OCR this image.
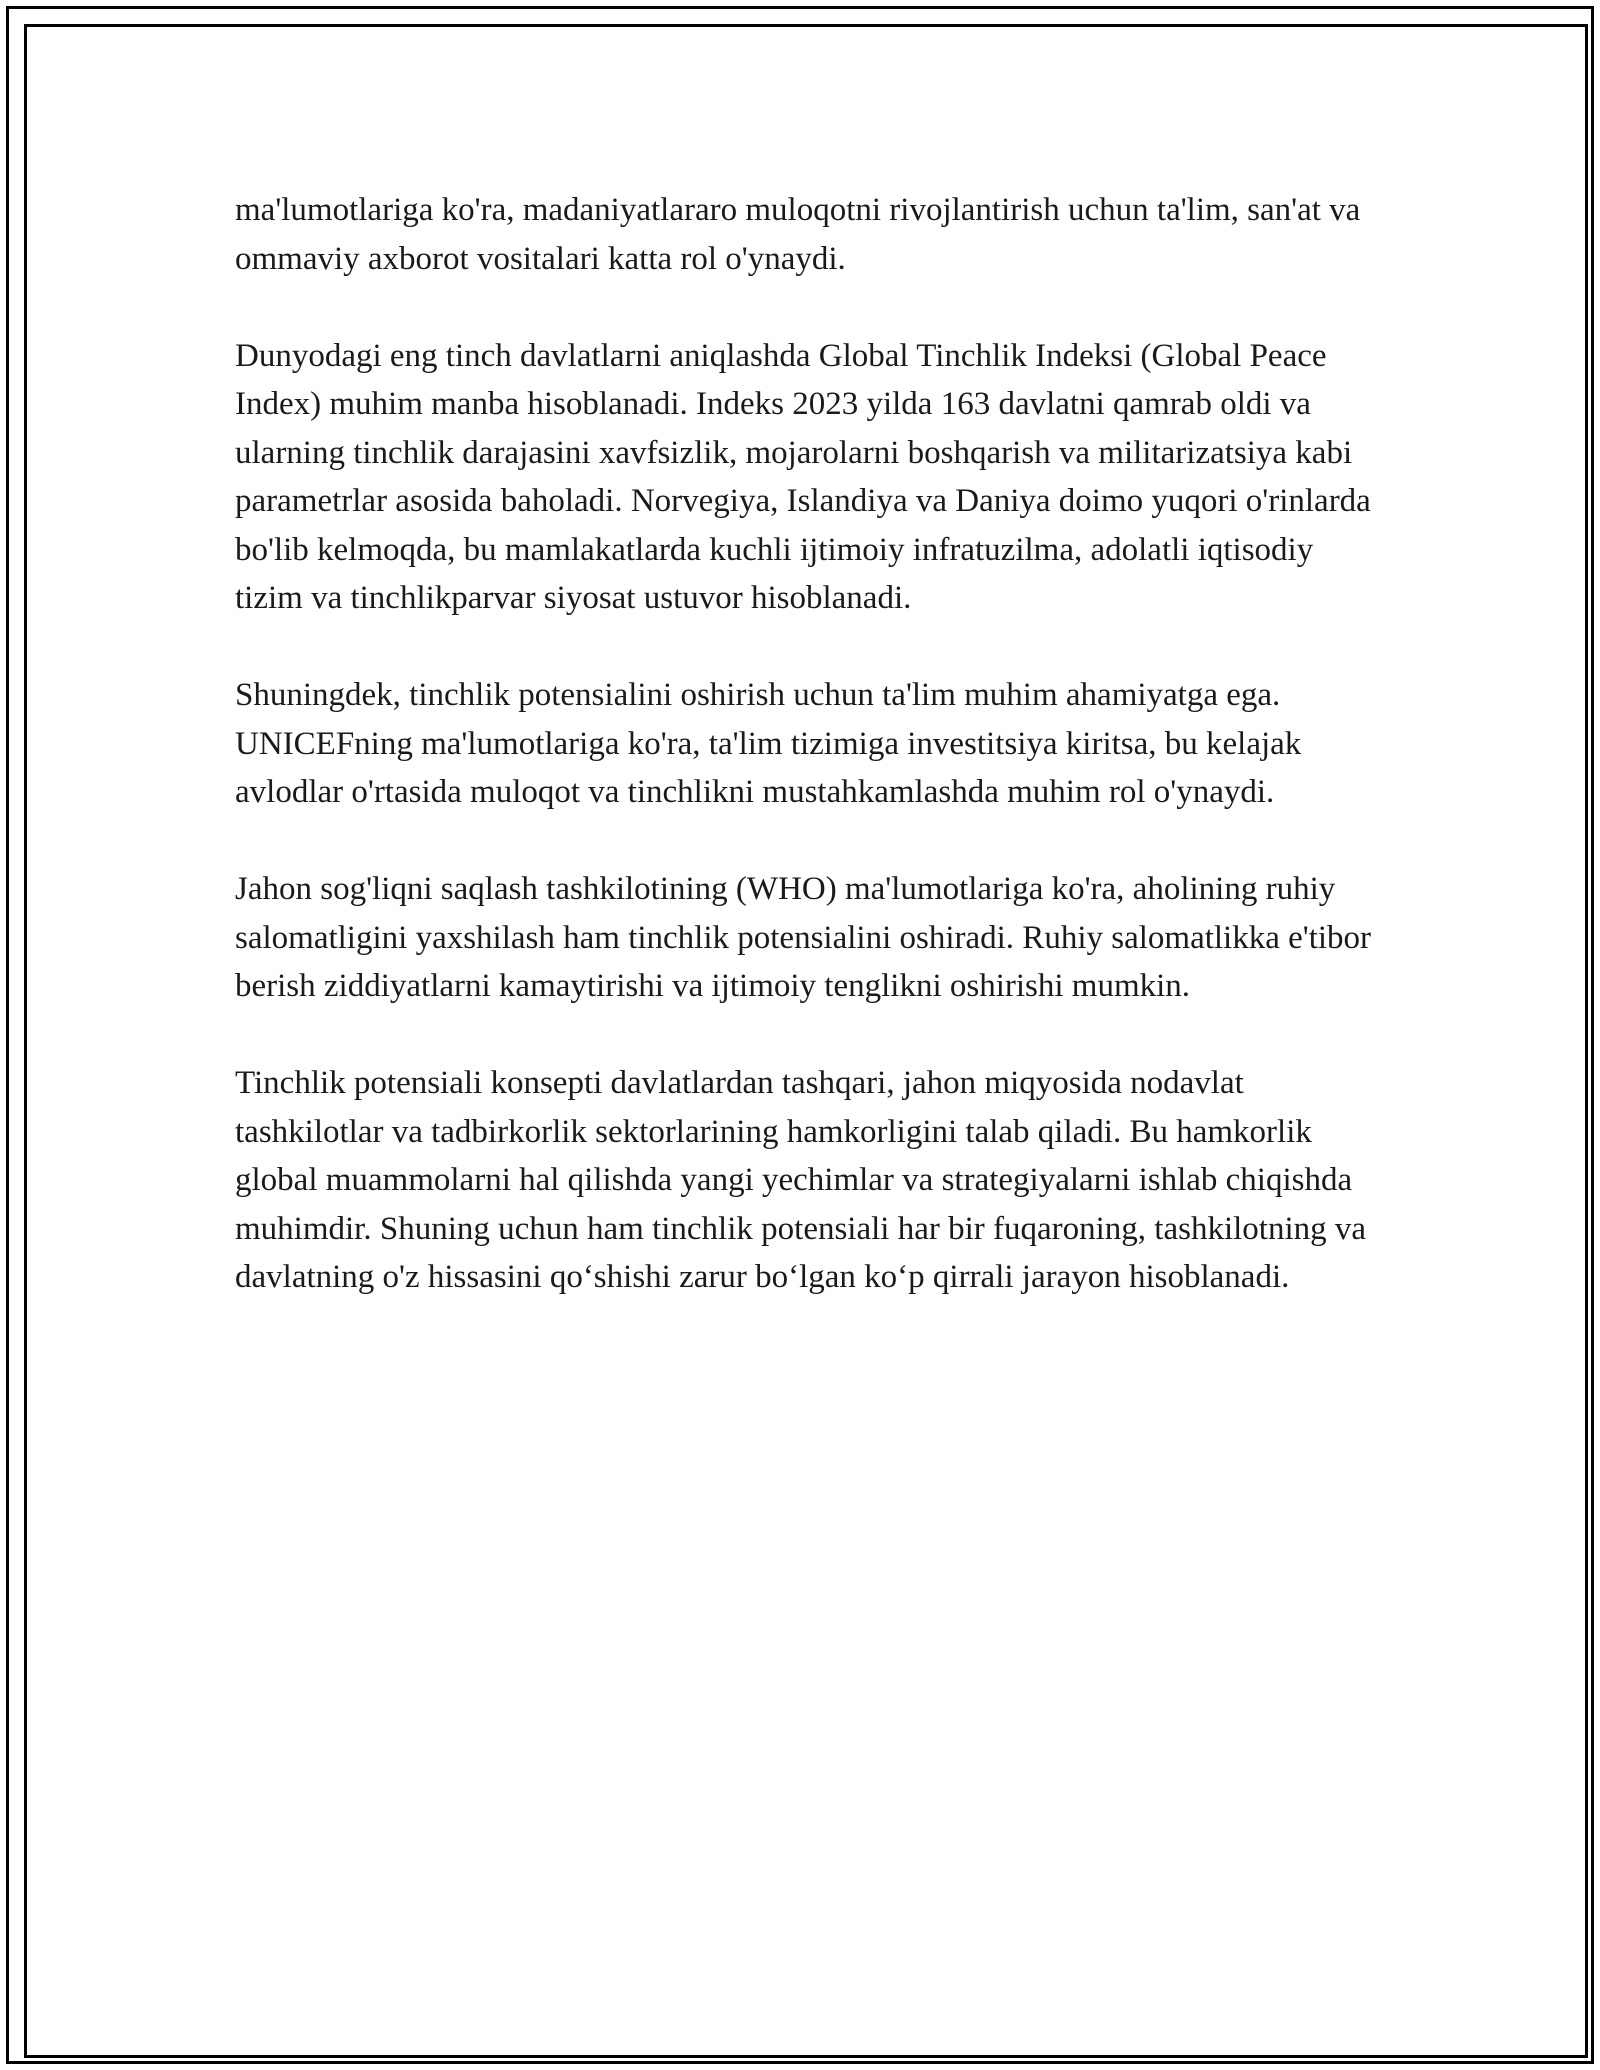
ma'lumotlariga ko'ra, madaniyatlararo muloqotni rivojlantirish uchun ta'lim, san'at va ommaviy axborot vositalari katta rol o'ynaydi.

Dunyodagi eng tinch davlatlarni aniqlashda Global Tinchlik Indeksi (Global Peace Index) muhim manba hisoblanadi. Indeks 2023 yilda 163 davlatni qamrab oldi va ularning tinchlik darajasini xavfsizlik, mojarolarni boshqarish va militarizatsiya kabi parametrlar asosida baholadi. Norvegiya, Islandiya va Daniya doimo yuqori o'rinlarda bo'lib kelmoqda, bu mamlakatlarda kuchli ijtimoiy infratuzilma, adolatli iqtisodiy tizim va tinchlikparvar siyosat ustuvor hisoblanadi.

Shuningdek, tinchlik potensialini oshirish uchun ta'lim muhim ahamiyatga ega. UNICEFning ma'lumotlariga ko'ra, ta'lim tizimiga investitsiya kiritsa, bu kelajak avlodlar o'rtasida muloqot va tinchlikni mustahkamlashda muhim rol o'ynaydi.

Jahon sog'liqni saqlash tashkilotining (WHO) ma'lumotlariga ko'ra, aholining ruhiy salomatligini yaxshilash ham tinchlik potensialini oshiradi. Ruhiy salomatlikka e'tibor berish ziddiyatlarni kamaytirishi va ijtimoiy tenglikni oshirishi mumkin.

Tinchlik potensiali konsepti davlatlardan tashqari, jahon miqyosida nodavlat tashkilotlar va tadbirkorlik sektorlarining hamkorligini talab qiladi. Bu hamkorlik global muammolarni hal qilishda yangi yechimlar va strategiyalarni ishlab chiqishda muhimdir. Shuning uchun ham tinchlik potensiali har bir fuqaroning, tashkilotning va davlatning o'z hissasini qo‘shishi zarur bo‘lgan ko‘p qirrali jarayon hisoblanadi.
